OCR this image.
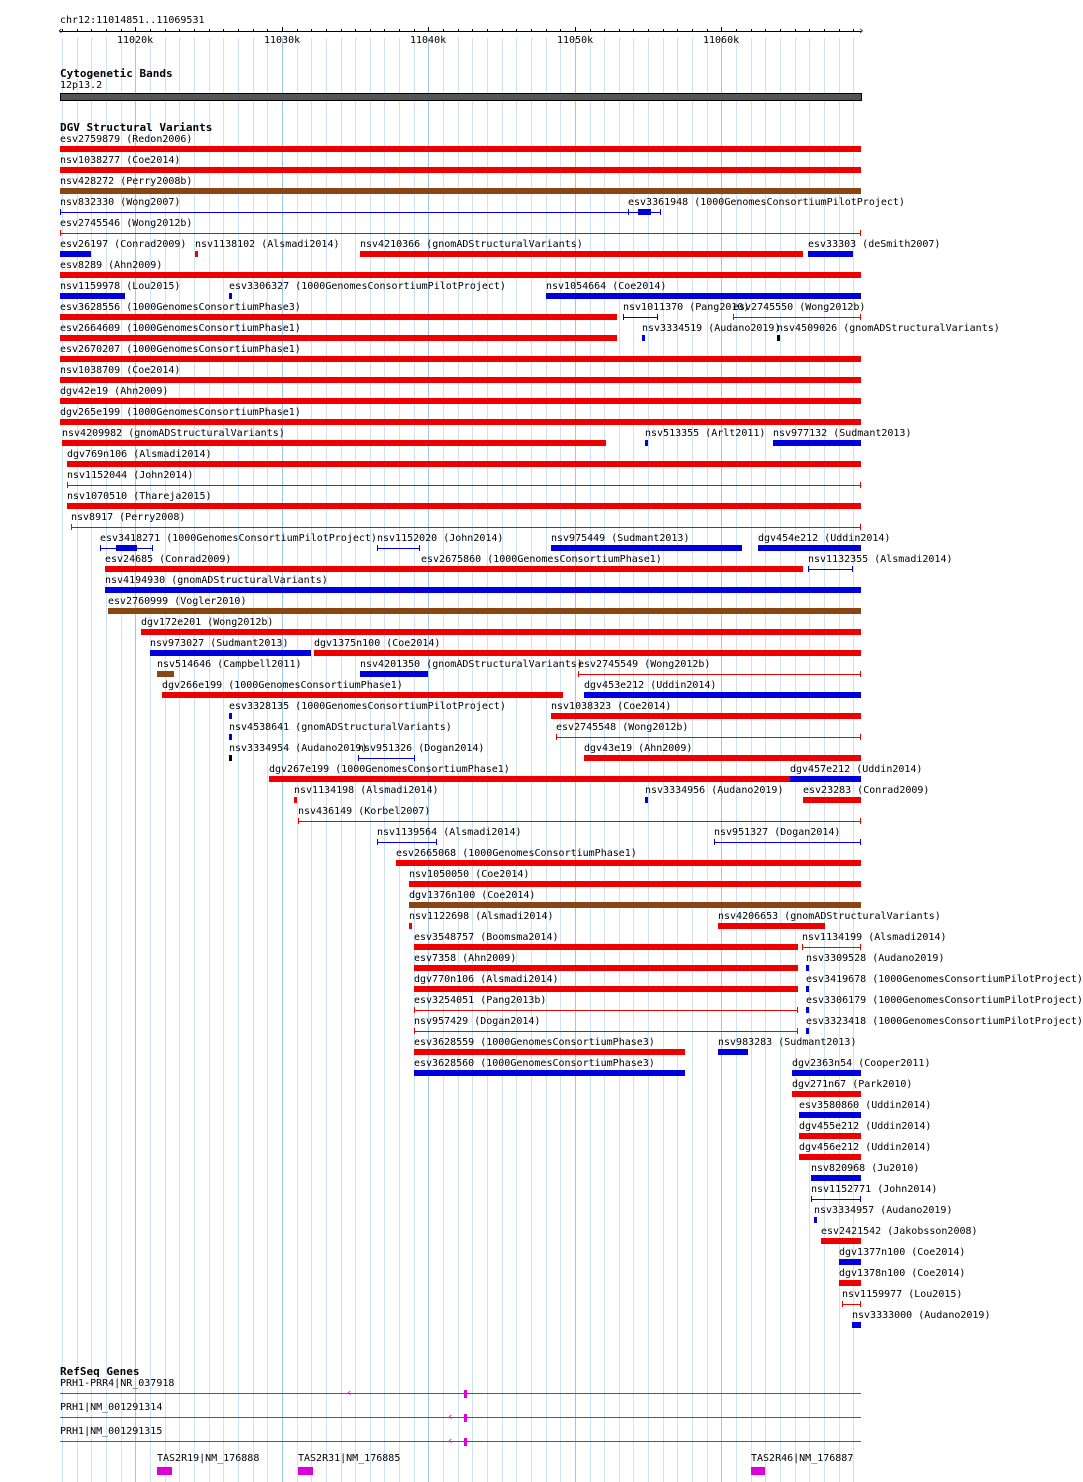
chr12:11014851..11069531
‹	›
11020k	11030k	11040k	11050k	11060k
Cytogenetic Bands
12p13.2
DGV Structural Variants
esv2759879 (Redon2006)
nsv1038277 (Coe2014)
nsv428272 (Perry2008b)
nsv832330 (Wong2007)	esv3361948 (1000GenomesConsortiumPilotProject)
esv2745546 (Wong2012b)
esv26197 (Conrad2009) nsv1138102 (Alsmadi2014) nsv4210366 (gnomADStructuralVariants)	esv33303 (deSmith2007)
esv8289 (Ahn2009)
nsv1159978 (Lou2015)	esv3306327 (1000GenomesConsortiumPilotProject)	nsv1054664 (Coe2014)
esv3628556 (1000GenomesConsortiumPhase3)	nsv1011370 (Pang2010)
esv2745550 (Wong2012b)
esv2664609 (1000GenomesConsortiumPhase1)	nsv3334519 (Audano2019)
nsv4509026 (gnomADStructuralVariants)
esv2670207 (1000GenomesConsortiumPhase1)
nsv1038709 (Coe2014)
dgv42e19 (Ahn2009)
dgv265e199 (1000GenomesConsortiumPhase1)
nsv4209982 (gnomADStructuralVariants)	nsv513355 (Arlt2011) nsv977132 (Sudmant2013)
dgv769n106 (Alsmadi2014)
nsv1152044 (John2014)
nsv1070510 (Thareja2015)
nsv8917 (Perry2008)
esv3418271 (1000GenomesConsortiumPilotProject) nsv1152020 (John2014)	nsv975449 (Sudmant2013)	dgv454e212 (Uddin2014)
esv24685 (Conrad2009)	esv2675860 (1000GenomesConsortiumPhase1)	nsv1132355 (Alsmadi2014)
nsv4194930 (gnomADStructuralVariants)
esv2760999 (Vogler2010)
dgv172e201 (Wong2012b)
nsv973027 (Sudmant2013)	dgv1375n100 (Coe2014)
nsv514646 (Campbell2011)	nsv4201350 (gnomADStructuralVariants)
esv2745549 (Wong2012b)
dgv266e199 (1000GenomesConsortiumPhase1)	dgv453e212 (Uddin2014)
esv3328135 (1000GenomesConsortiumPilotProject)	nsv1038323 (Coe2014)
nsv4538641 (gnomADStructuralVariants)	esv2745548 (Wong2012b)
nsv3334954 (Audano2019)
nsv951326 (Dogan2014)	dgv43e19 (Ahn2009)
dgv267e199 (1000GenomesConsortiumPhase1)	dgv457e212 (Uddin2014)
nsv1134198 (Alsmadi2014)	nsv3334956 (Audano2019) esv23283 (Conrad2009)
nsv436149 (Korbel2007)
nsv1139564 (Alsmadi2014)	nsv951327 (Dogan2014)
esv2665068 (1000GenomesConsortiumPhase1)
nsv1050050 (Coe2014)
dgv1376n100 (Coe2014)
nsv1122698 (Alsmadi2014)	nsv4206653 (gnomADStructuralVariants)
esv3548757 (Boomsma2014)	nsv1134199 (Alsmadi2014)
esv7358 (Ahn2009)	nsv3309528 (Audano2019)
dgv770n106 (Alsmadi2014)	esv3419678 (1000GenomesConsortiumPilotProject)
esv3254051 (Pang2013b)	esv3306179 (1000GenomesConsortiumPilotProject)
nsv957429 (Dogan2014)	esv3323418 (1000GenomesConsortiumPilotProject)
esv3628559 (1000GenomesConsortiumPhase3)	nsv983283 (Sudmant2013)
esv3628560 (1000GenomesConsortiumPhase3)	dgv2363n54 (Cooper2011)
dgv271n67 (Park2010)
esv3580860 (Uddin2014)
dgv455e212 (Uddin2014)
dgv456e212 (Uddin2014)
nsv820968 (Ju2010)
nsv1152771 (John2014)
nsv3334957 (Audano2019)
esv2421542 (Jakobsson2008)
dgv1377n100 (Coe2014)
dgv1378n100 (Coe2014)
nsv1159977 (Lou2015)
nsv3333000 (Audano2019)
RefSeq Genes
PRH1-PRR4|NR_037918
‹
PRH1|NM_001291314
‹
PRH1|NM_001291315
‹
TAS2R19|NM_176888	TAS2R31|NM_176885	TAS2R46|NM_176887
